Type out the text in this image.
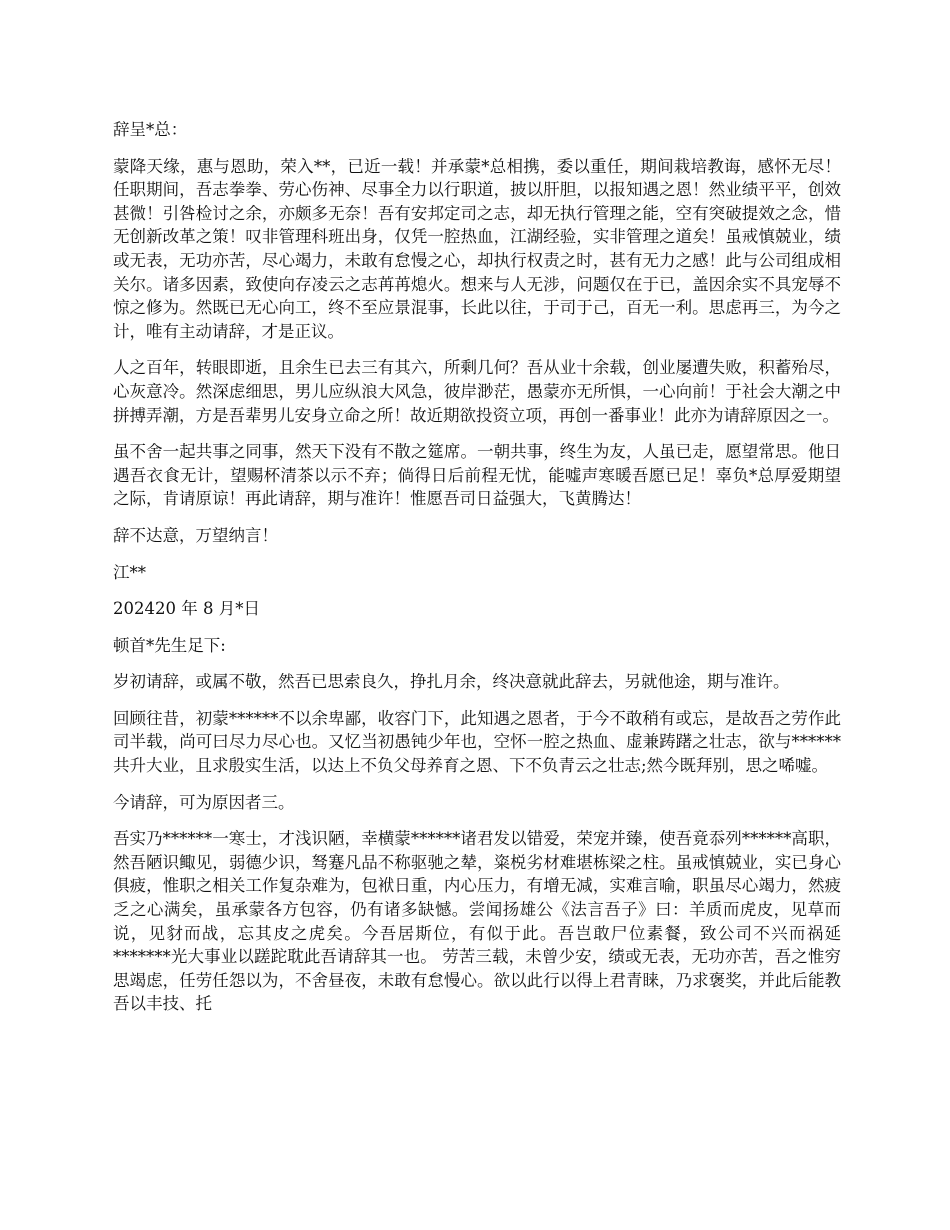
辞呈*总：

蒙降天缘，惠与恩助，荣入**，已近一载！并承蒙*总相携，委以重任，期间栽培教诲，感怀无尽！任职期间，吾志拳拳、劳心伤神、尽事全力以行职道，披以肝胆，以报知遇之恩！然业绩平平，创效甚微！引咎检讨之余，亦颇多无奈！吾有安邦定司之志，却无执行管理之能，空有突破提效之念，惜无创新改革之策！叹非管理科班出身，仅凭一腔热血，江湖经验，实非管理之道矣！虽戒慎兢业，绩或无表，无功亦苦，尽心竭力，未敢有怠慢之心，却执行权责之时，甚有无力之感！此与公司组成相关尔。诸多因素，致使向存凌云之志苒苒熄火。想来与人无涉，问题仅在于已，盖因余实不具宠辱不惊之修为。然既已无心向工，终不至应景混事，长此以往，于司于己，百无一利。思虑再三，为今之计，唯有主动请辞，才是正议。

人之百年，转眼即逝，且余生已去三有其六，所剩几何？吾从业十余载，创业屡遭失败，积蓄殆尽，心灰意冷。然深虑细思，男儿应纵浪大风急，彼岸渺茫，愚蒙亦无所惧，一心向前！于社会大潮之中拼搏弄潮，方是吾辈男儿安身立命之所！故近期欲投资立项，再创一番事业！此亦为请辞原因之一。

虽不舍一起共事之同事，然天下没有不散之筵席。一朝共事，终生为友，人虽已走，愿望常思。他日遇吾衣食无计，望赐杯清茶以示不弃；倘得日后前程无忧，能嘘声寒暖吾愿已足！辜负*总厚爱期望之际，肯请原谅！再此请辞，期与准许！惟愿吾司日益强大，飞黄腾达！

辞不达意，万望纳言！

江**

202420 年 8 月*日

顿首*先生足下:

岁初请辞，或属不敬，然吾已思索良久，挣扎月余，终决意就此辞去，另就他途，期与准许。

回顾往昔，初蒙******不以余卑鄙，收容门下，此知遇之恩者，于今不敢稍有或忘，是故吾之劳作此司半载，尚可曰尽力尽心也。又忆当初愚钝少年也，空怀一腔之热血、虚兼踌躇之壮志，欲与******共升大业，且求殷实生活，以达上不负父母养育之恩、下不负青云之壮志;然今既拜别，思之唏嘘。

今请辞，可为原因者三。

吾实乃******一寒士，才浅识陋，幸横蒙******诸君发以错爱，荣宠并臻，使吾竟忝列******高职，然吾陋识鲰见，弱德少识，驽蹇凡品不称驱驰之辇，粢棁劣材难堪栋梁之柱。虽戒慎兢业，实已身心俱疲，惟职之相关工作复杂难为，包袱日重，内心压力，有增无减，实难言喻，职虽尽心竭力，然疲乏之心满矣，虽承蒙各方包容，仍有诸多缺憾。尝闻扬雄公《法言吾子》曰：羊质而虎皮，见草而说，见豺而战，忘其皮之虎矣。今吾居斯位，有似于此。吾岂敢尸位素餐，致公司不兴而祸延*******光大事业以蹉跎耽此吾请辞其一也。 劳苦三载，未曾少安，绩或无表，无功亦苦，吾之惟穷思竭虑，任劳任怨以为，不舍昼夜，未敢有怠慢心。欲以此行以得上君青睐，乃求褒奖，并此后能教吾以丰技、托
